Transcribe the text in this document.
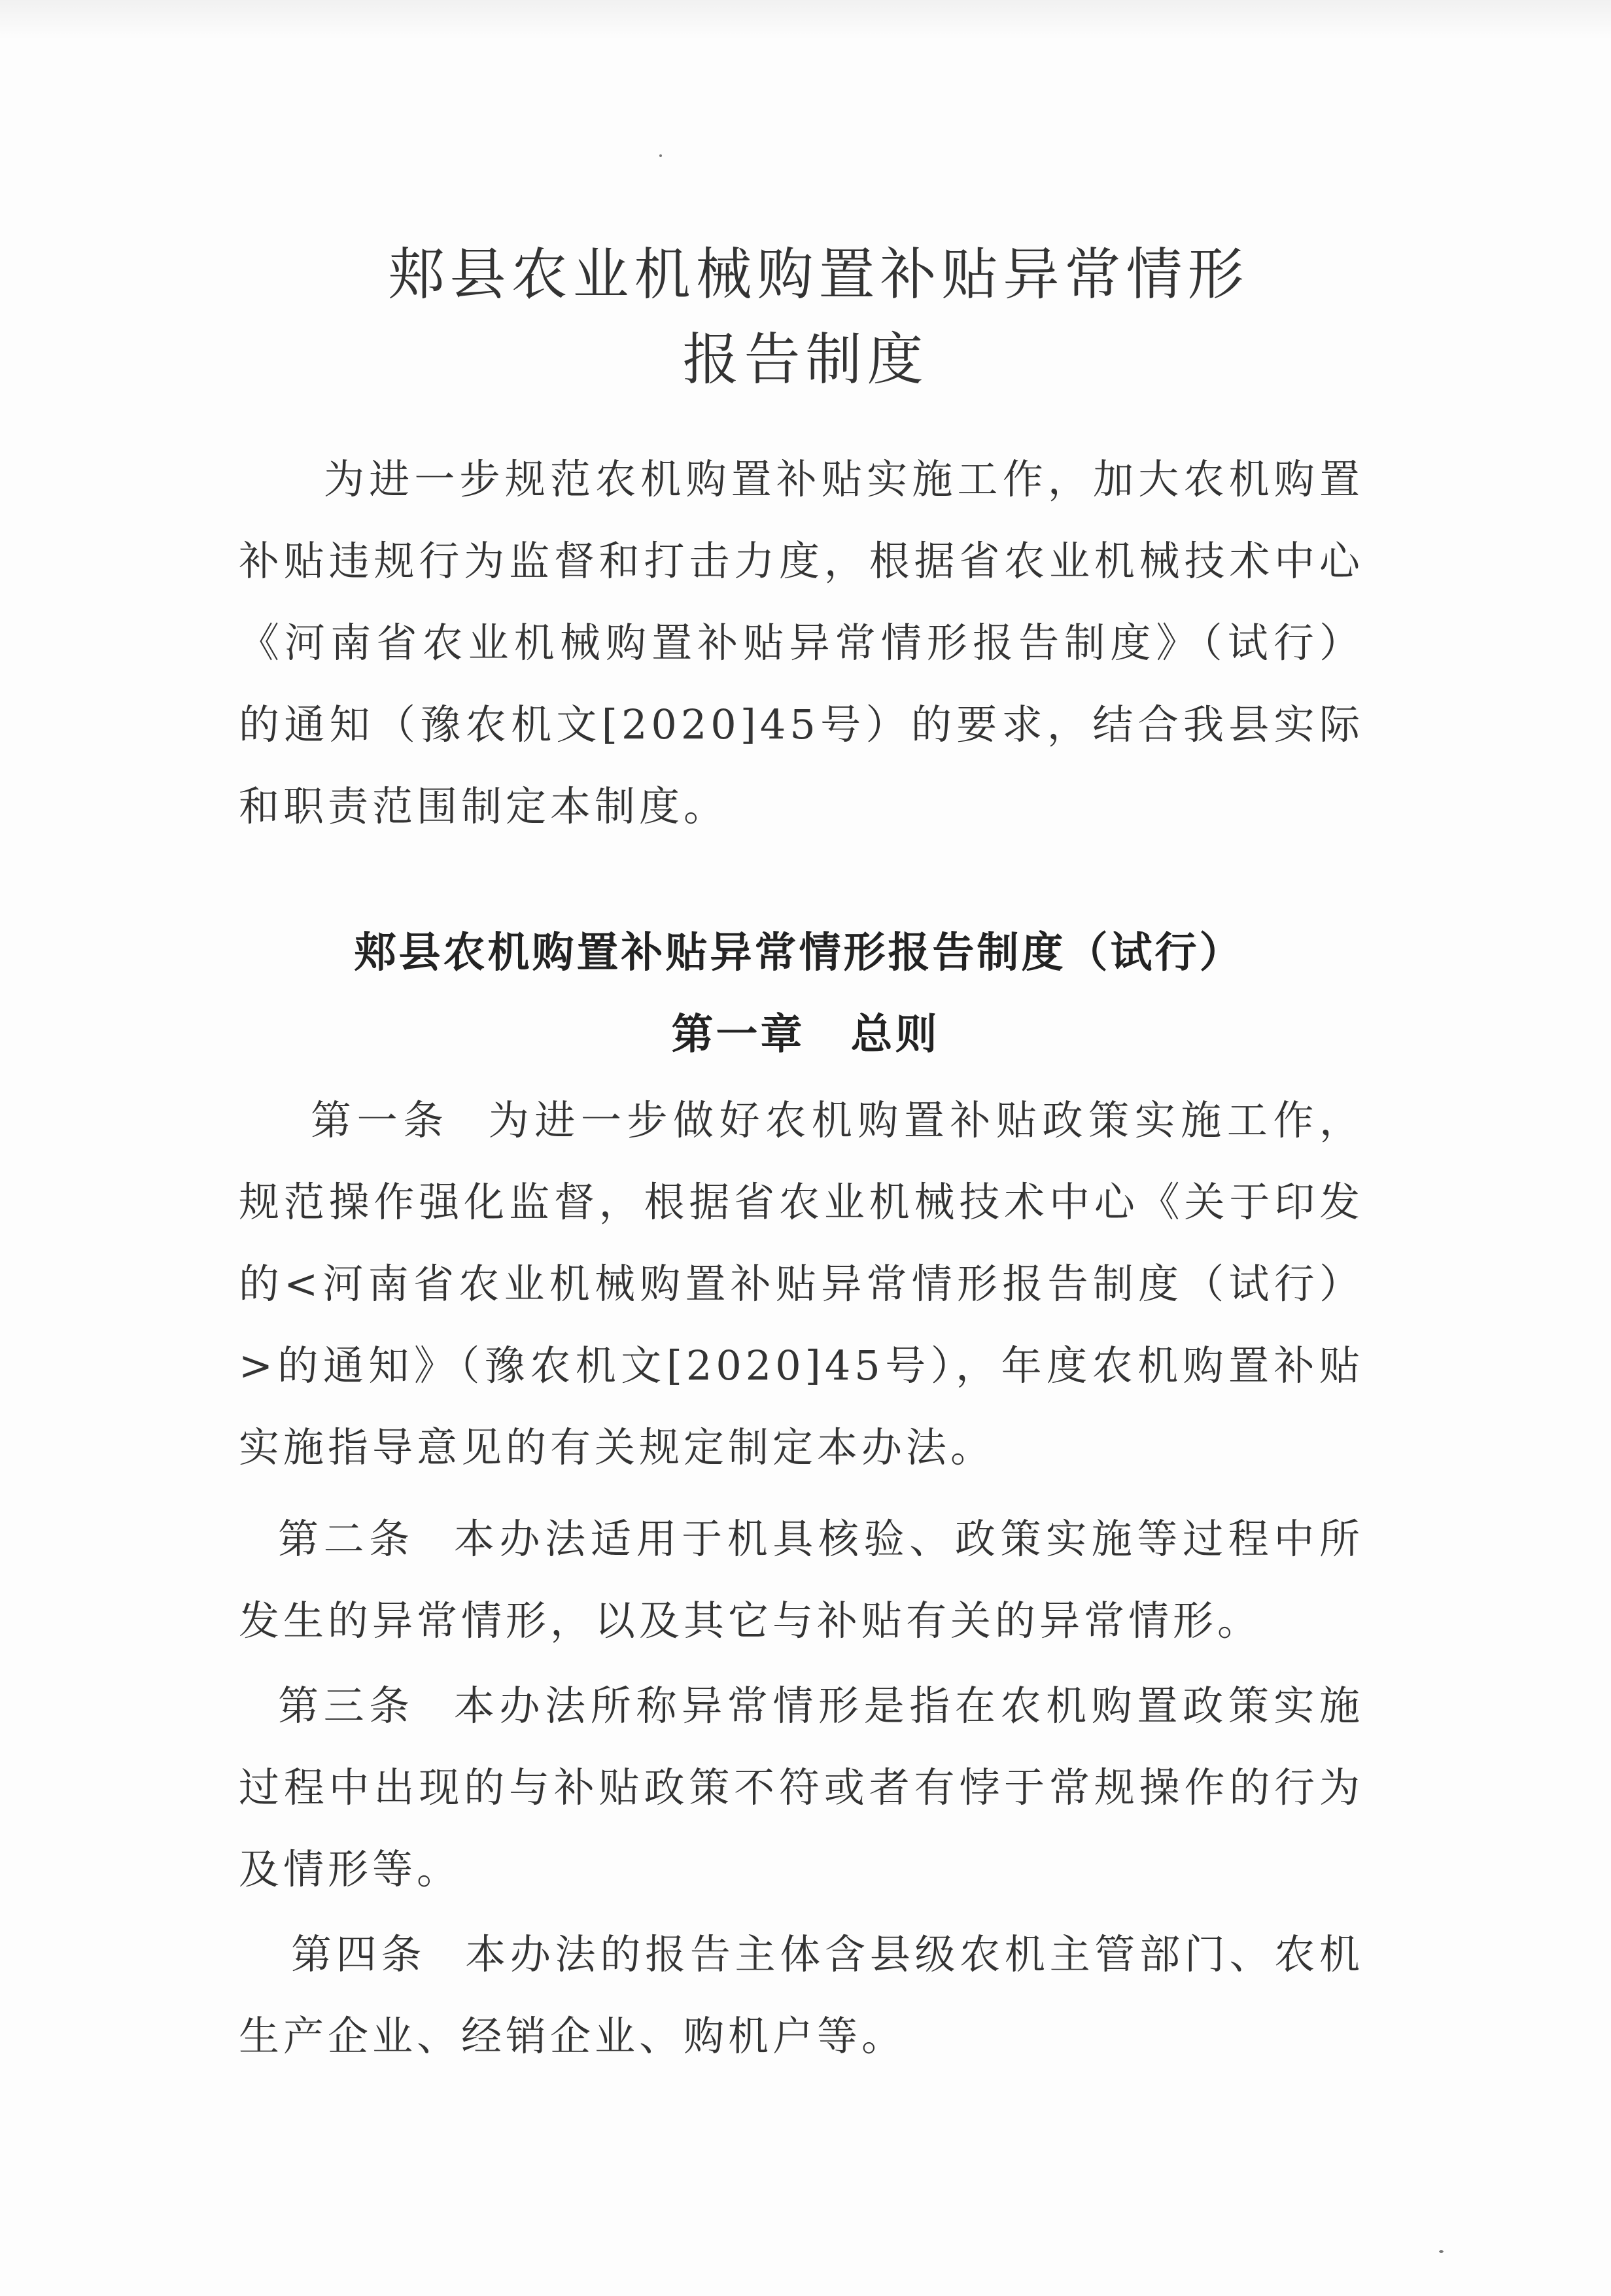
郏县农业机械购置补贴异常情形
报告制度
为进一步规范农机购置补贴实施工作，加大农机购置补贴违规行为监督和打击力度，根据省农业机械技术中心《河南省农业机械购置补贴异常情形报告制度》（试行）的通知（豫农机文[2020]45号）的要求，结合我县实际和职责范围制定本制度。
郏县农机购置补贴异常情形报告制度（试行）
第一章 总则
第一条 为进一步做好农机购置补贴政策实施工作，规范操作强化监督，根据省农业机械技术中心《关于印发的<河南省农业机械购置补贴异常情形报告制度（试行）>的通知》（豫农机文[2020]45号），年度农机购置补贴实施指导意见的有关规定制定本办法。
第二条 本办法适用于机具核验、政策实施等过程中所发生的异常情形，以及其它与补贴有关的异常情形。
第三条 本办法所称异常情形是指在农机购置政策实施过程中出现的与补贴政策不符或者有悖于常规操作的行为及情形等。
第四条 本办法的报告主体含县级农机主管部门、农机生产企业、经销企业、购机户等。
